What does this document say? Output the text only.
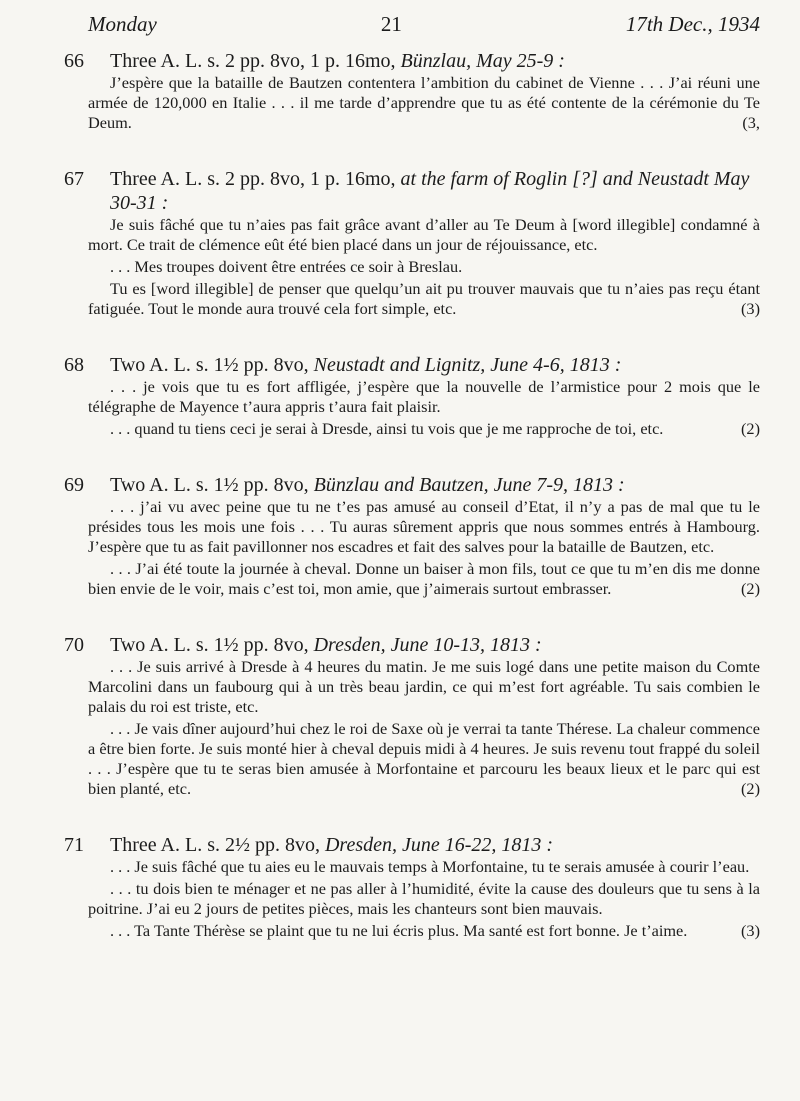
Monday	21	17th Dec., 1934
66	Three A. L. s. 2 pp. 8vo, 1 p. 16mo, Bünzlau, May 25-9 :

J’espère que la bataille de Bautzen contentera l’ambition du cabinet de Vienne . . . J’ai réuni une armée de 120,000 en Italie . . . il me tarde d’apprendre que tu as été contente de la cérémonie du Te Deum.	(3,

67	Three A. L. s. 2 pp. 8vo, 1 p. 16mo, at the farm of Roglin [?] and Neustadt May 30-31 :

Je suis fâché que tu n’aies pas fait grâce avant d’aller au Te Deum à [word illegible] condamné à mort. Ce trait de clémence eût été bien placé dans un jour de réjouissance, etc.

. . . Mes troupes doivent être entrées ce soir à Breslau.

Tu es [word illegible] de penser que quelqu’un ait pu trouver mauvais que tu n’aies pas reçu étant fatiguée. Tout le monde aura trouvé cela fort simple, etc.	(3)

68	Two A. L. s. 1½ pp. 8vo, Neustadt and Lignitz, June 4-6, 1813 :

. . . je vois que tu es fort affligée, j’espère que la nouvelle de l’armistice pour 2 mois que le télégraphe de Mayence t’aura appris t’aura fait plaisir.

. . . quand tu tiens ceci je serai à Dresde, ainsi tu vois que je me rapproche de toi, etc.	(2)

69	Two A. L. s. 1½ pp. 8vo, Bünzlau and Bautzen, June 7-9, 1813 :

. . . j’ai vu avec peine que tu ne t’es pas amusé au conseil d’Etat, il n’y a pas de mal que tu le présides tous les mois une fois . . . Tu auras sûrement appris que nous sommes entrés à Hambourg. J’espère que tu as fait pavillonner nos escadres et fait des salves pour la bataille de Bautzen, etc.

. . . J’ai été toute la journée à cheval. Donne un baiser à mon fils, tout ce que tu m’en dis me donne bien envie de le voir, mais c’est toi, mon amie, que j’aimerais surtout embrasser.	(2)

70	Two A. L. s. 1½ pp. 8vo, Dresden, June 10-13, 1813 :

. . . Je suis arrivé à Dresde à 4 heures du matin. Je me suis logé dans une petite maison du Comte Marcolini dans un faubourg qui à un très beau jardin, ce qui m’est fort agréable. Tu sais combien le palais du roi est triste, etc.

. . . Je vais dîner aujourd’hui chez le roi de Saxe où je verrai ta tante Thérese. La chaleur commence a être bien forte. Je suis monté hier à cheval depuis midi à 4 heures. Je suis revenu tout frappé du soleil . . . J’espère que tu te seras bien amusée à Morfontaine et parcouru les beaux lieux et le parc qui est bien planté, etc.	(2)

71	Three A. L. s. 2½ pp. 8vo, Dresden, June 16-22, 1813 :

. . . Je suis fâché que tu aies eu le mauvais temps à Morfontaine, tu te serais amusée à courir l’eau.

. . . tu dois bien te ménager et ne pas aller à l’humidité, évite la cause des douleurs que tu sens à la poitrine. J’ai eu 2 jours de petites pièces, mais les chanteurs sont bien mauvais.

. . . Ta Tante Thérèse se plaint que tu ne lui écris plus. Ma santé est fort bonne. Je t’aime.	(3)
